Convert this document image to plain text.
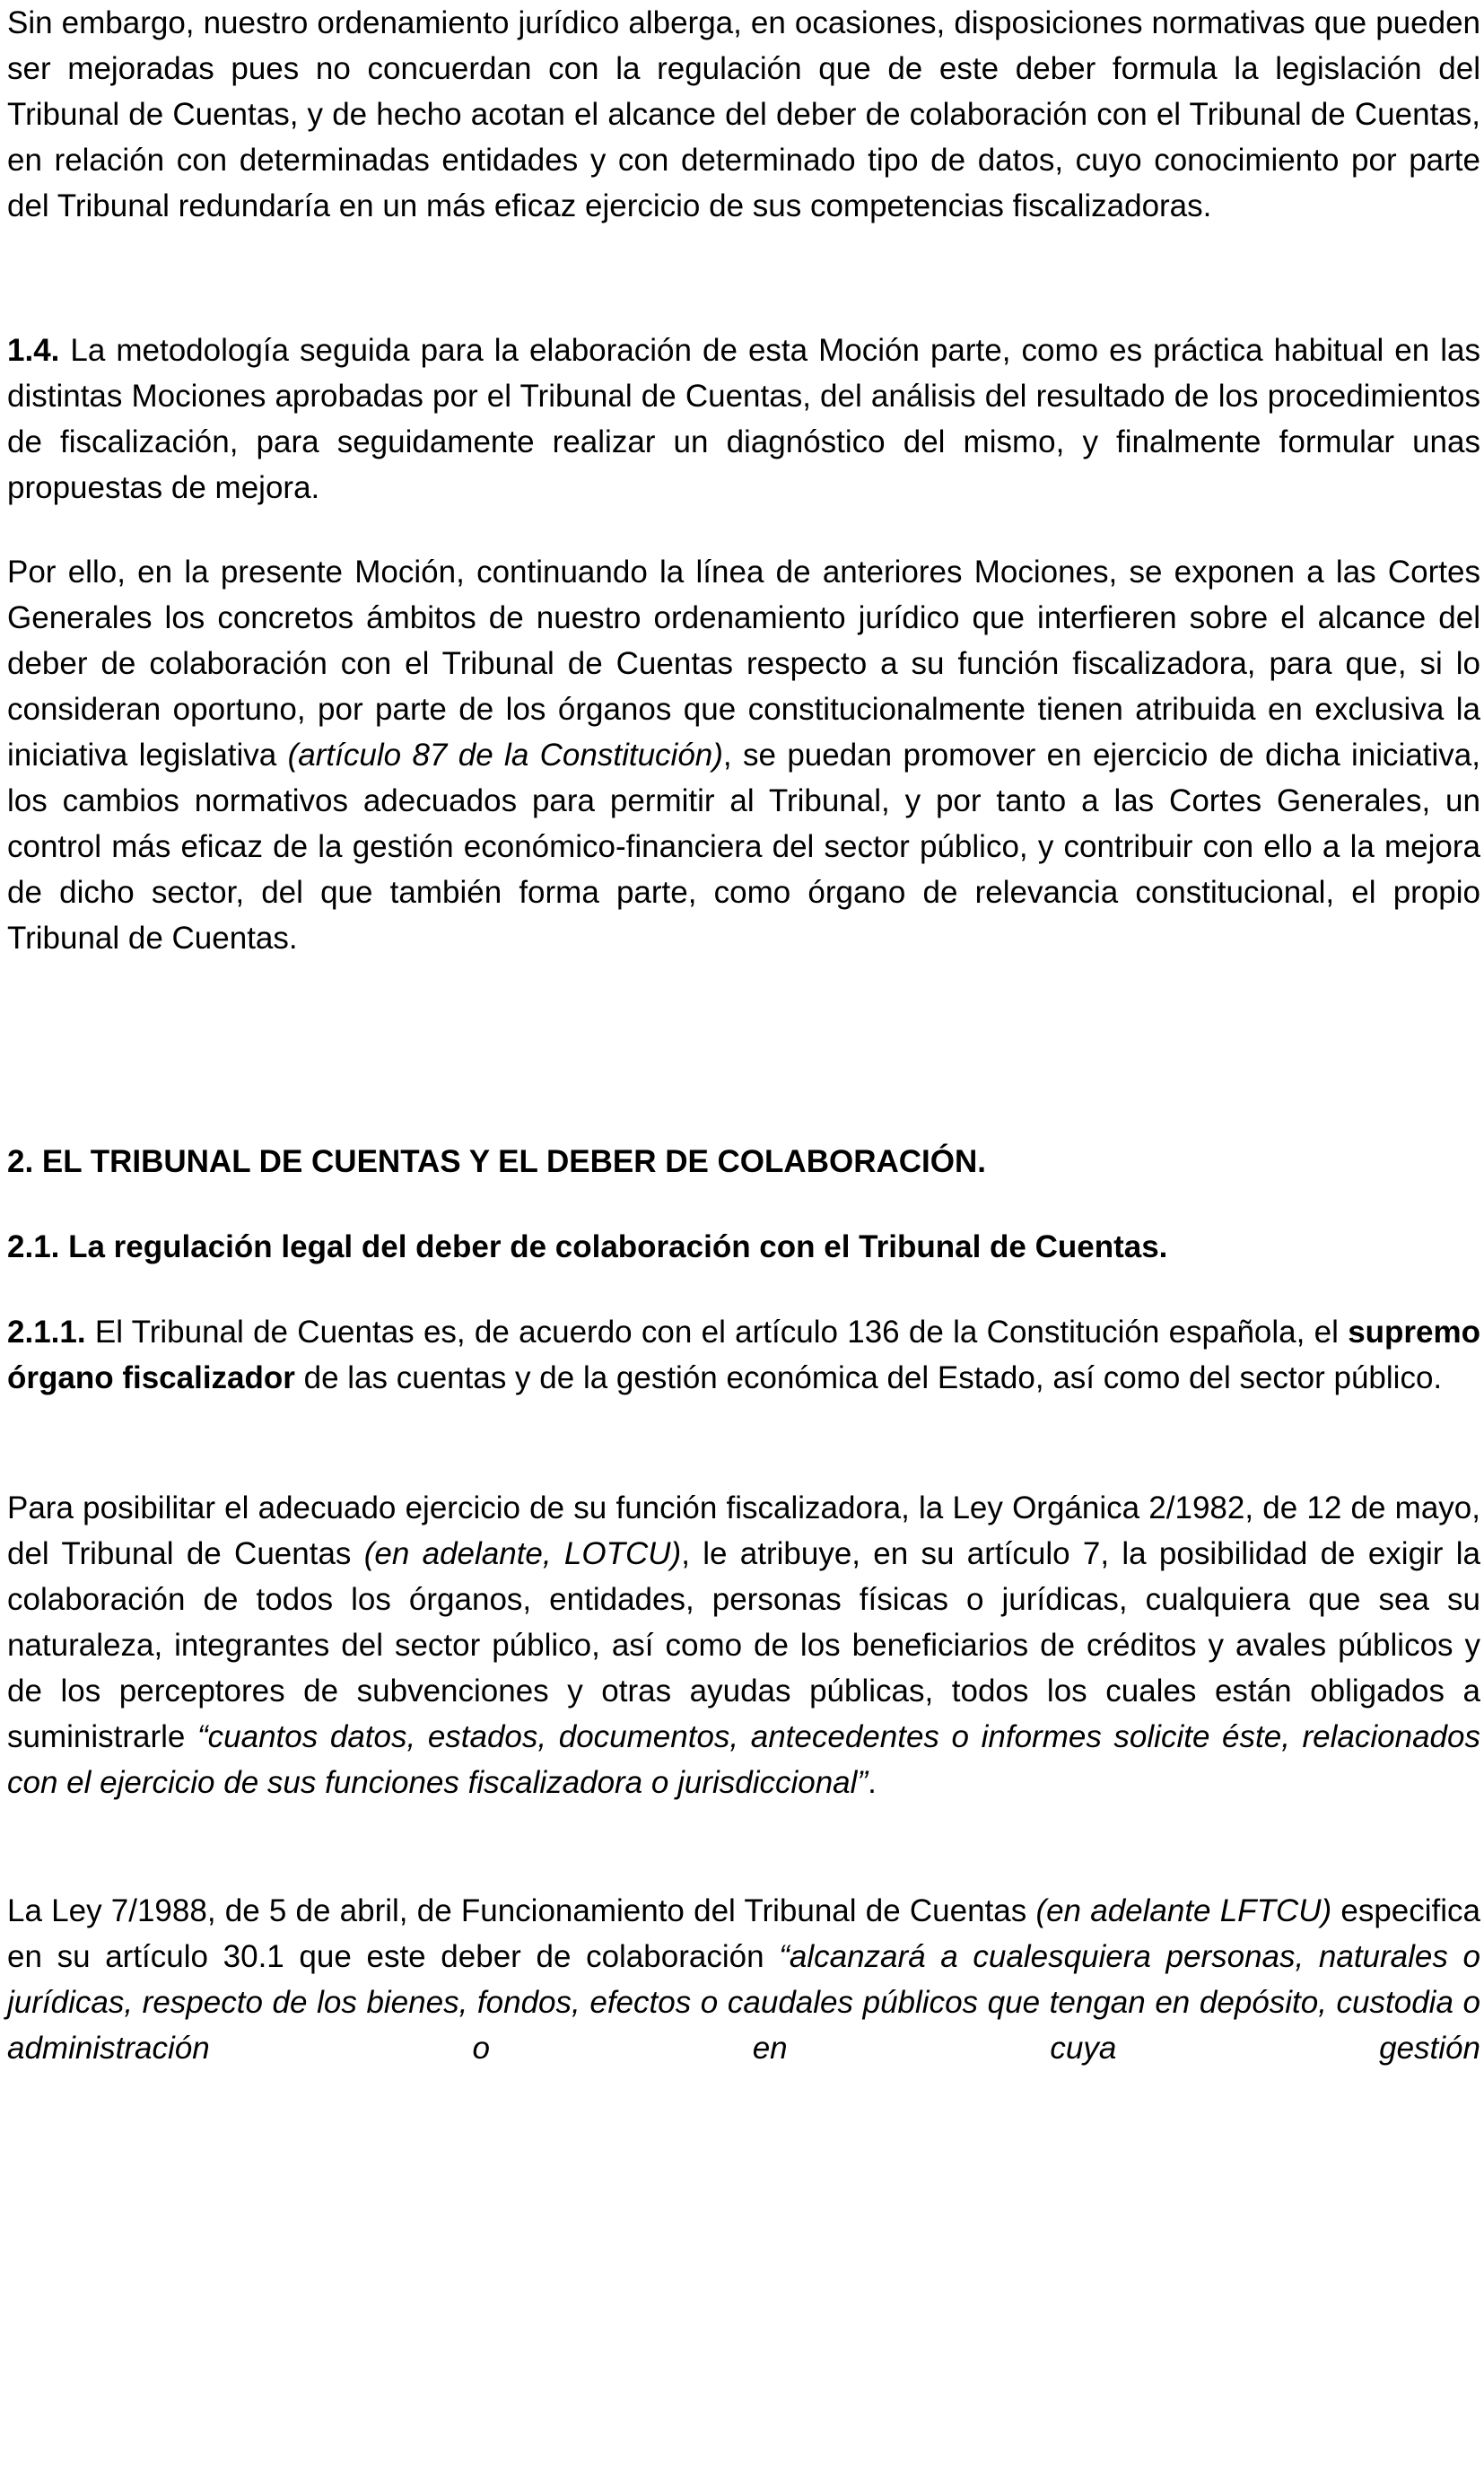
Sin embargo, nuestro ordenamiento jurídico alberga, en ocasiones, disposiciones normativas que pueden ser mejoradas pues no concuerdan con la regulación que de este deber formula la legislación del Tribunal de Cuentas, y de hecho acotan el alcance del deber de colaboración con el Tribunal de Cuentas, en relación con determinadas entidades y con determinado tipo de datos, cuyo conocimiento por parte del Tribunal redundaría en un más eficaz ejercicio de sus competencias fiscalizadoras.

1.4. La metodología seguida para la elaboración de esta Moción parte, como es práctica habitual en las distintas Mociones aprobadas por el Tribunal de Cuentas, del análisis del resultado de los procedimientos de fiscalización, para seguidamente realizar un diagnóstico del mismo, y finalmente formular unas propuestas de mejora.

Por ello, en la presente Moción, continuando la línea de anteriores Mociones, se exponen a las Cortes Generales los concretos ámbitos de nuestro ordenamiento jurídico que interfieren sobre el alcance del deber de colaboración con el Tribunal de Cuentas respecto a su función fiscalizadora, para que, si lo consideran oportuno, por parte de los órganos que constitucionalmente tienen atribuida en exclusiva la iniciativa legislativa (artículo 87 de la Constitución), se puedan promover en ejercicio de dicha iniciativa, los cambios normativos adecuados para permitir al Tribunal, y por tanto a las Cortes Generales, un control más eficaz de la gestión económico-financiera del sector público, y contribuir con ello a la mejora de dicho sector, del que también forma parte, como órgano de relevancia constitucional, el propio Tribunal de Cuentas.

2. EL TRIBUNAL DE CUENTAS Y EL DEBER DE COLABORACIÓN.
2.1. La regulación legal del deber de colaboración con el Tribunal de Cuentas.

2.1.1. El Tribunal de Cuentas es, de acuerdo con el artículo 136 de la Constitución española, el supremo órgano fiscalizador de las cuentas y de la gestión económica del Estado, así como del sector público.

Para posibilitar el adecuado ejercicio de su función fiscalizadora, la Ley Orgánica 2/1982, de 12 de mayo, del Tribunal de Cuentas (en adelante, LOTCU), le atribuye, en su artículo 7, la posibilidad de exigir la colaboración de todos los órganos, entidades, personas físicas o jurídicas, cualquiera que sea su naturaleza, integrantes del sector público, así como de los beneficiarios de créditos y avales públicos y de los perceptores de subvenciones y otras ayudas públicas, todos los cuales están obligados a suministrarle “cuantos datos, estados, documentos, antecedentes o informes solicite éste, relacionados con el ejercicio de sus funciones fiscalizadora o jurisdiccional”.

La Ley 7/1988, de 5 de abril, de Funcionamiento del Tribunal de Cuentas (en adelante LFTCU) especifica en su artículo 30.1 que este deber de colaboración “alcanzará a cualesquiera personas, naturales o jurídicas, respecto de los bienes, fondos, efectos o caudales públicos que tengan en depósito, custodia o administración o en cuya gestión
